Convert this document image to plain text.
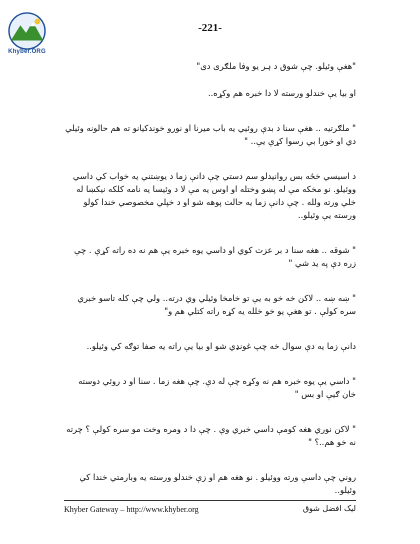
Khyber.ORG
-221-

"هغې وئیلو. چې شوق د ہر یو وفا ملګری دی"

او بیا یې خندلو ورسته لا دا خبره هم وکړه..

" ملګرتیه .. هغې سنا د بدې روئیي یه باب میرنا او نورو خوندکیانو ته هم حالونه وئیلي دي او خورا بي رسوا کړې یې.. "

د اسیسي خځه بس روانیدلو سم دستي چې دانې زما د یوښتني یه خواب کي داسي ووئیلو. نو مخکه مې له پښو وختله او اوس یه مې لا د وئیسا یه نامه کلکه نیکښا له خلي ورته ولله . چې دانې زما یه حالت پوهه شو او د خپلي مخصوصي خندا کولو ورسته یې وئیلو..

" شوقه .. هغه سنا د بر عزت کوي او داسي یوه خبره یې هم نه ده راته کړې . چې زره دې په ید شي "

" ښه ښه .. لاکن خه خو به یې تو خامخا وئیلي وي درته.. ولي چې کله تاسو خبري سره کولې . تو هغې یو خو خلله یه کړه راته کتلي هم و"

دانې زما یه دې سوال خه چپ غونډي شو او بیا یې راته یه صفا توګه کي وئیلو..

" داسي یې یوه خبره هم نه وکړه چې له دې. چې هغه زما . سنا او د روئي دوسته خان ګیې او بس "

" لاکن نوري هغه کومې داسي خبري وې . چې دا د ومره وخت مو سره کولې ؟ چرته نه خو هم..؟ "

روني چې داسې ورته ووئیلو . نو هغه هم او زې خندلو ورسته یه وبارمتي خندا کي وئیلو..

Khyber Gateway – http://www.khyber.org	لیک افضل شوق
